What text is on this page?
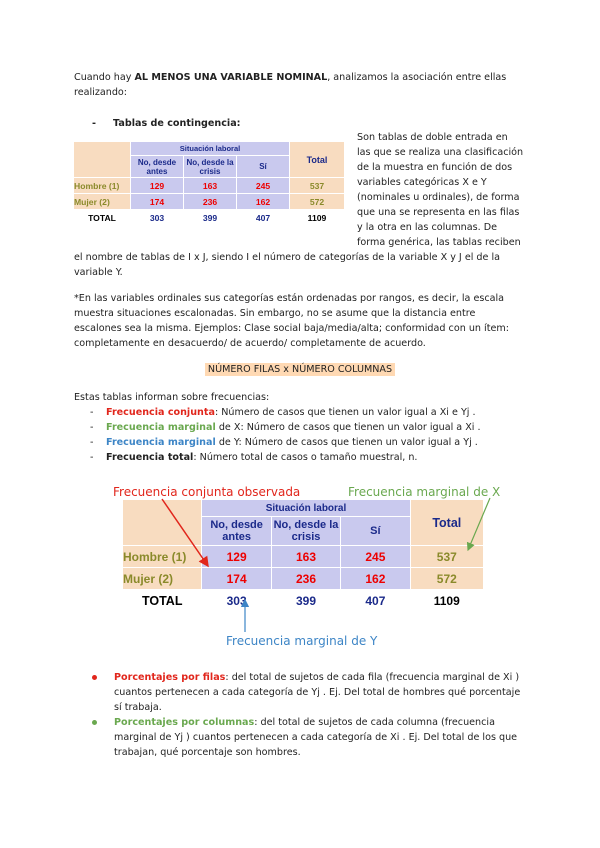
Cuando hay AL MENOS UNA VARIABLE NOMINAL, analizamos la asociación entre ellas
realizando:
- Tablas de contingencia:
	Situación laboral			Total
	No, desde antes	No, desde la crisis	Sí	
Hombre (1)	129	163	245	537
Mujer (2)	174	236	162	572
TOTAL	303	399	407	1109
Son tablas de doble entrada en
las que se realiza una clasificación
de la muestra en función de dos
variables categóricas X e Y
(nominales u ordinales), de forma
que una se representa en las filas
y la otra en las columnas. De
forma genérica, las tablas reciben
el nombre de tablas de I x J, siendo I el número de categorías de la variable X y J el de la
variable Y.
*En las variables ordinales sus categorías están ordenadas por rangos, es decir, la escala
muestra situaciones escalonadas. Sin embargo, no se asume que la distancia entre
escalones sea la misma. Ejemplos: Clase social baja/media/alta; conformidad con un ítem:
completamente en desacuerdo/ de acuerdo/ completamente de acuerdo.
NÚMERO FILAS x NÚMERO COLUMNAS
Estas tablas informan sobre frecuencias:
- Frecuencia conjunta: Número de casos que tienen un valor igual a Xi e Yj .
- Frecuencia marginal de X: Número de casos que tienen un valor igual a Xi .
- Frecuencia marginal de Y: Número de casos que tienen un valor igual a Yj .
- Frecuencia total: Número total de casos o tamaño muestral, n.
Frecuencia conjunta observada	Frecuencia marginal de X
	Situación laboral			Total
	No, desde antes	No, desde la crisis	Sí	
Hombre (1)	129	163	245	537
Mujer (2)	174	236	162	572
TOTAL	303	399	407	1109
Frecuencia marginal de Y
Porcentajes por filas: del total de sujetos de cada fila (frecuencia marginal de Xi )
cuantos pertenecen a cada categoría de Yj . Ej. Del total de hombres qué porcentaje
sí trabaja.
Porcentajes por columnas: del total de sujetos de cada columna (frecuencia
marginal de Yj ) cuantos pertenecen a cada categoría de Xi . Ej. Del total de los que
trabajan, qué porcentaje son hombres.
